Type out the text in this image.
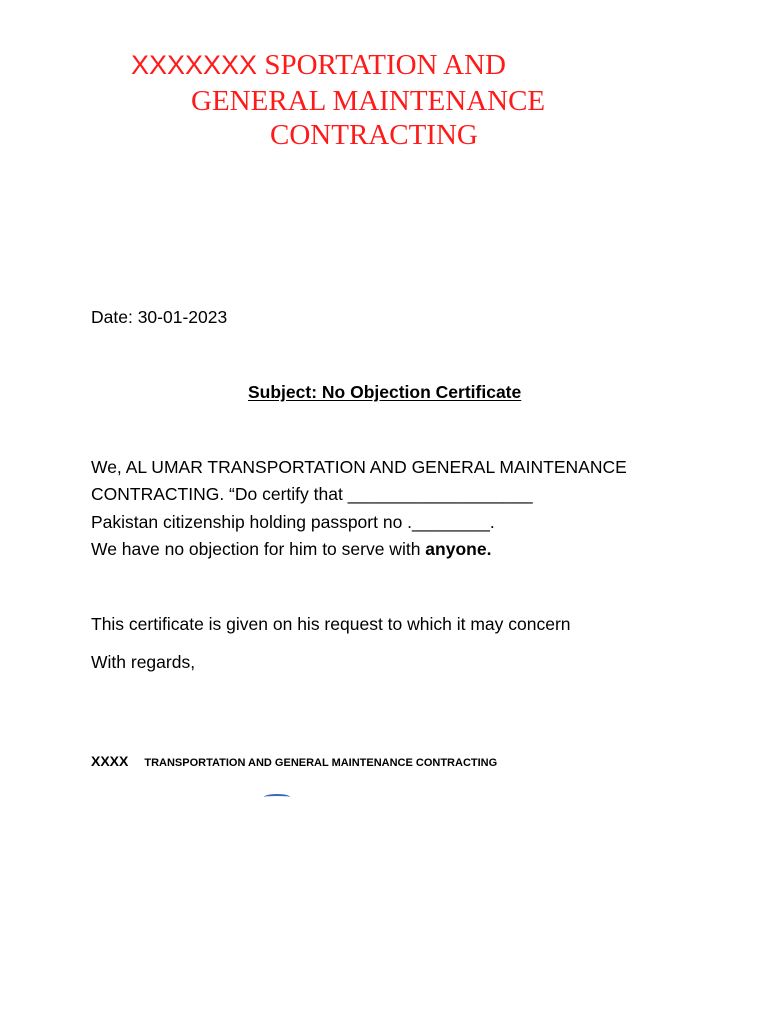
XXXXXXX SPORTATION AND
GENERAL MAINTENANCE
CONTRACTING
Date: 30-01-2023
Subject: No Objection Certificate
We, AL UMAR TRANSPORTATION AND GENERAL MAINTENANCE
CONTRACTING. “Do certify that ___________________
Pakistan citizenship holding passport no .________.
We have no objection for him to serve with anyone.
This certificate is given on his request to which it may concern
With regards,
XXXX TRANSPORTATION AND GENERAL MAINTENANCE CONTRACTING
